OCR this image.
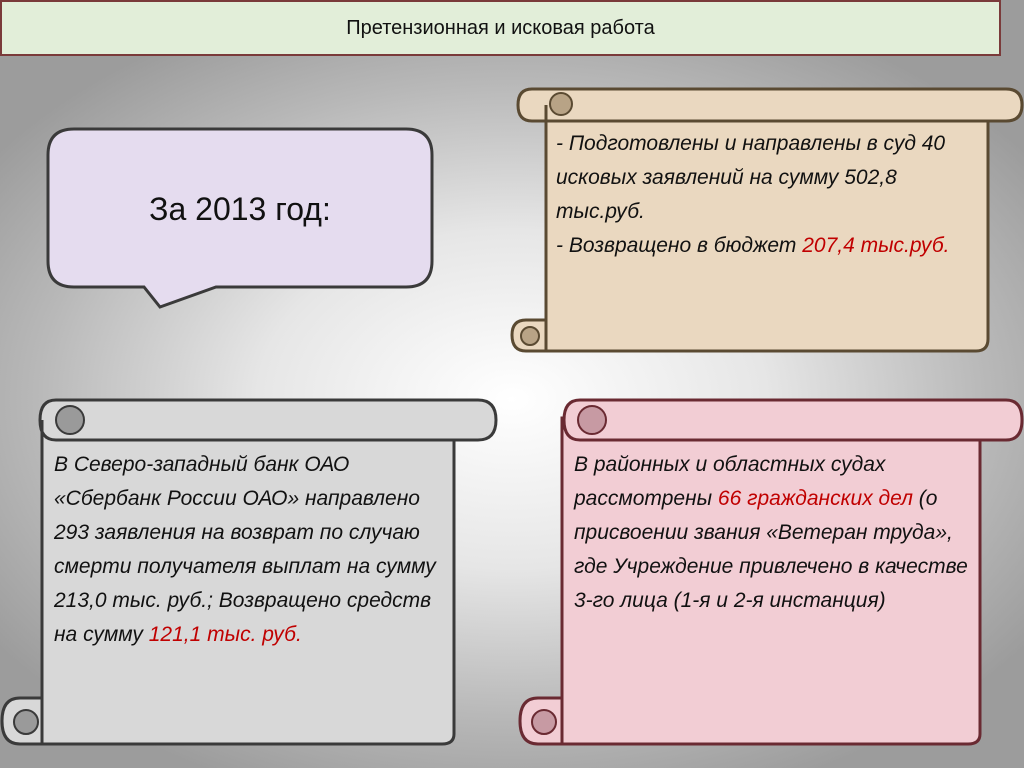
Претензионная и исковая работа
За 2013 год:
- Подготовлены и направлены в суд 40 исковых заявлений на сумму 502,8 тыс.руб.
- Возвращено в бюджет 207,4 тыс.руб.
В Северо-западный банк ОАО «Сбербанк России ОАО» направлено 293 заявления на возврат по случаю смерти получателя выплат на сумму 213,0 тыс. руб.; Возвращено средств на сумму 121,1 тыс. руб.
В районных и областных судах рассмотрены 66 гражданских дел (о присвоении звания «Ветеран труда», где Учреждение привлечено в качестве 3-го лица (1-я и 2-я инстанция)
